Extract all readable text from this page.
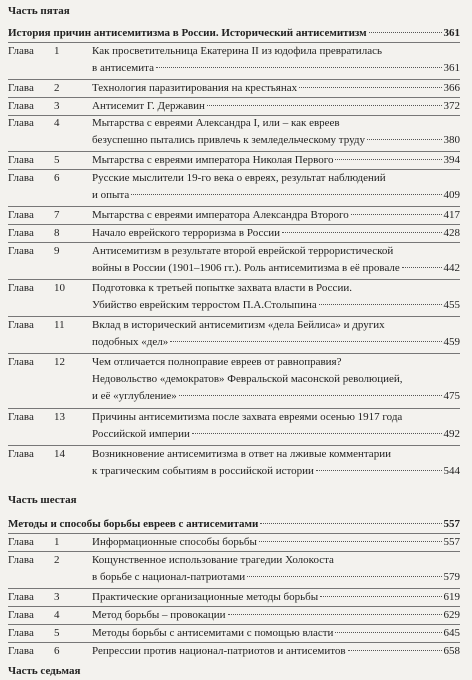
Часть пятая
История причин антисемитизма в России. Исторический антисемитизм	361
Глава 1	Как просветительница Екатерина II из юдофила превратилась
в антисемита	361
Глава 2	Технология паразитирования на крестьянах	366
Глава 3	Антисемит Г. Державин	372
Глава 4	Мытарства с евреями Александра I, или – как евреев
безуспешно пытались привлечь к земледельческому труду	380
Глава 5	Мытарства с евреями императора Николая Первого	394
Глава 6	Русские мыслители 19-го века о евреях, результат наблюдений
и опыта	409
Глава 7	Мытарства с евреями императора Александра Второго	417
Глава 8	Начало еврейского терроризма в России	428
Глава 9	Антисемитизм в результате второй еврейской террористической
войны в России (1901–1906 гг.). Роль антисемитизма в её провале	442
Глава 10 Подготовка к третьей попытке захвата власти в России.
Убийство еврейским терростом П.А.Столыпина	455
Глава 11 Вклад в исторический антисемитизм «дела Бейлиса» и других
подобных «дел»	459
Глава 12 Чем отличается полноправие евреев от равноправия?
Недовольство «демократов» Февральской масонской революцией,
и её «углубление»	475
Глава 13 Причины антисемитизма после захвата евреями осенью 1917 года
Российской империи	492
Глава 14 Возникновение антисемитизма в ответ на лживые комментарии
к трагическим событиям в российской истории	544
Часть шестая
Методы и способы борьбы евреев с антисемитами	557
Глава 1	Информационные способы борьбы	557
Глава 2	Кощунственное использование трагедии Холокоста
в борьбе с национал-патриотами	579
Глава 3	Практические организационные методы борьбы	619
Глава 4	Метод борьбы – провокации	629
Глава 5	Методы борьбы с антисемитами с помощью власти	645
Глава 6	Репрессии против национал-патриотов и антисемитов	658
Часть седьмая
